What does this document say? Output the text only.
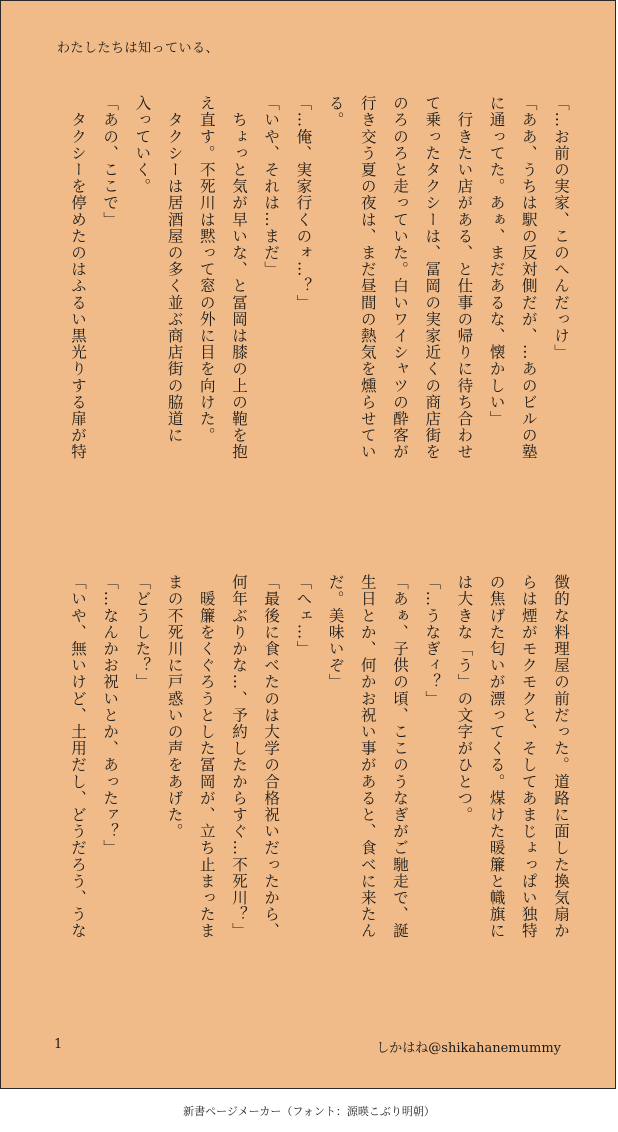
わたしたちは知っている、
「…お前の実家、このへんだっけ」
「ああ、うちは駅の反対側だが、…あのビルの塾
に通ってた。あぁ、まだあるな、懐かしい」
　行きたい店がある、と仕事の帰りに待ち合わせ
て乗ったタクシーは、冨岡の実家近くの商店街を
のろのろと走っていた。白いワイシャツの酔客が
行き交う夏の夜は、まだ昼間の熱気を燻らせてい
る。
「…俺、実家行くのォ…？」
「いや、それは…まだ」
　ちょっと気が早いな、と冨岡は膝の上の鞄を抱
え直す。不死川は黙って窓の外に目を向けた。
　タクシーは居酒屋の多く並ぶ商店街の脇道に
入っていく。
「あの、ここで」
　タクシーを停めたのはふるい黒光りする扉が特
徴的な料理屋の前だった。道路に面した換気扇か
らは煙がモクモクと、そしてあまじょっぱい独特
の焦げた匂いが漂ってくる。煤けた暖簾と幟旗に
は大きな「う」の文字がひとつ。
「…うなぎィ？」
「あぁ、子供の頃、ここのうなぎがご馳走で、誕
生日とか、何かお祝い事があると、食べに来たん
だ。美味いぞ」
「へェ…」
「最後に食べたのは大学の合格祝いだったから、
何年ぶりかな…、予約したからすぐ…不死川？」
　暖簾をくぐろうとした冨岡が、立ち止まったま
まの不死川に戸惑いの声をあげた。
「どうした？」
「…なんかお祝いとか、あったァ？」
「いや、無いけど、土用だし、どうだろう、うな
1	しかはね@shikahanemummy
新書ページメーカー（フォント：源暎こぶり明朝）
